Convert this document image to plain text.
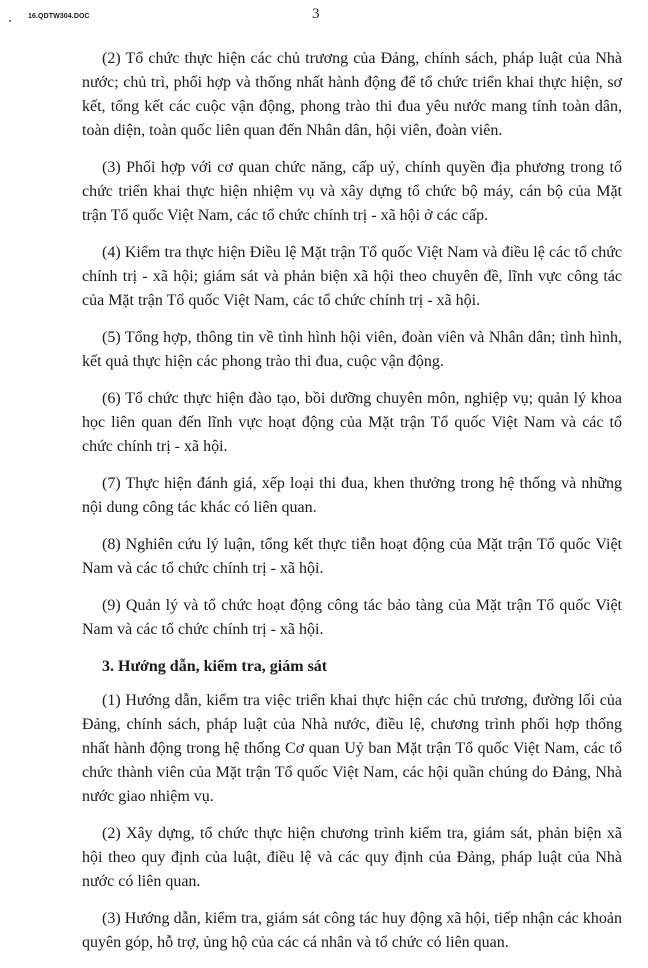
16.QDTW304.DOC	3

(2) Tổ chức thực hiện các chủ trương của Đảng, chính sách, pháp luật của Nhà nước; chủ trì, phối hợp và thống nhất hành động để tổ chức triển khai thực hiện, sơ kết, tổng kết các cuộc vận động, phong trào thi đua yêu nước mang tính toàn dân, toàn diện, toàn quốc liên quan đến Nhân dân, hội viên, đoàn viên.

(3) Phối hợp với cơ quan chức năng, cấp uỷ, chính quyền địa phương trong tổ chức triển khai thực hiện nhiệm vụ và xây dựng tổ chức bộ máy, cán bộ của Mặt trận Tổ quốc Việt Nam, các tổ chức chính trị - xã hội ở các cấp.

(4) Kiểm tra thực hiện Điều lệ Mặt trận Tổ quốc Việt Nam và điều lệ các tổ chức chính trị - xã hội; giám sát và phản biện xã hội theo chuyên đề, lĩnh vực công tác của Mặt trận Tổ quốc Việt Nam, các tổ chức chính trị - xã hội.

(5) Tổng hợp, thông tin về tình hình hội viên, đoàn viên và Nhân dân; tình hình, kết quả thực hiện các phong trào thi đua, cuộc vận động.

(6) Tổ chức thực hiện đào tạo, bồi dưỡng chuyên môn, nghiệp vụ; quản lý khoa học liên quan đến lĩnh vực hoạt động của Mặt trận Tổ quốc Việt Nam và các tổ chức chính trị - xã hội.

(7) Thực hiện đánh giá, xếp loại thi đua, khen thưởng trong hệ thống và những nội dung công tác khác có liên quan.

(8) Nghiên cứu lý luận, tổng kết thực tiễn hoạt động của Mặt trận Tổ quốc Việt Nam và các tổ chức chính trị - xã hội.

(9) Quản lý và tổ chức hoạt động công tác bảo tàng của Mặt trận Tổ quốc Việt Nam và các tổ chức chính trị - xã hội.

3. Hướng dẫn, kiểm tra, giám sát

(1) Hướng dẫn, kiểm tra việc triển khai thực hiện các chủ trương, đường lối của Đảng, chính sách, pháp luật của Nhà nước, điều lệ, chương trình phối hợp thống nhất hành động trong hệ thống Cơ quan Uỷ ban Mặt trận Tổ quốc Việt Nam, các tổ chức thành viên của Mặt trận Tổ quốc Việt Nam, các hội quần chúng do Đảng, Nhà nước giao nhiệm vụ.

(2) Xây dựng, tổ chức thực hiện chương trình kiểm tra, giám sát, phản biện xã hội theo quy định của luật, điều lệ và các quy định của Đảng, pháp luật của Nhà nước có liên quan.

(3) Hướng dẫn, kiểm tra, giám sát công tác huy động xã hội, tiếp nhận các khoản quyên góp, hỗ trợ, ủng hộ của các cá nhân và tổ chức có liên quan.
